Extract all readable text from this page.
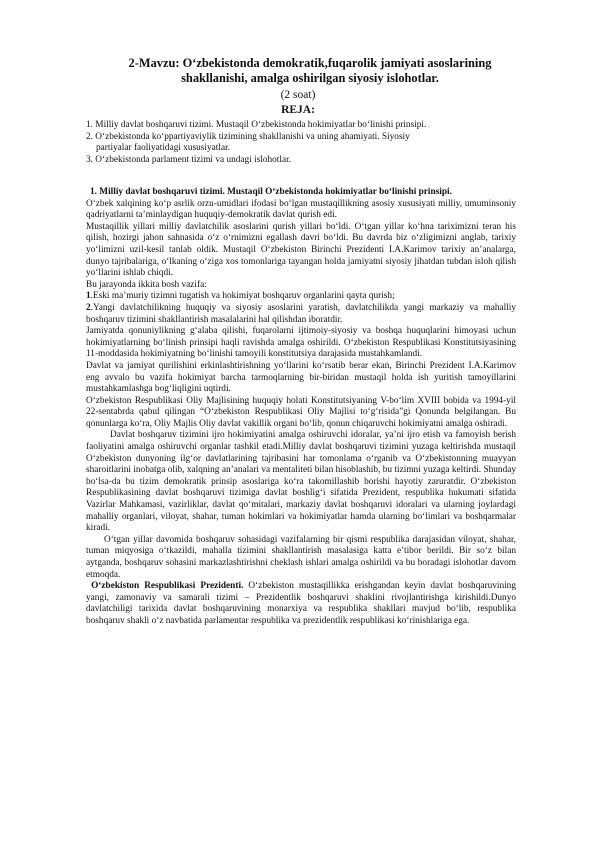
2-Mavzu: O‘zbekistonda demokratik,fuqarolik jamiyati asoslarining
shakllanishi, amalga oshirilgan siyosiy islohotlar.
(2 soat)
REJA:

1. Milliy davlat boshqaruvi tizimi. Mustaqil O‘zbekistonda hokimiyatlar bo‘linishi prinsipi.

2. O‘zbekistonda ko‘ppartiyaviylik tizimining shakllanishi va uning ahamiyati. Siyosiy

partiyalar faoliyatidagi xususiyatlar.

3. O‘zbekistonda parlament tizimi va undagi islohotlar.

1. Milliy davlat boshqaruvi tizimi. Mustaqil O‘zbekistonda hokimiyatlar bo‘linishi prinsipi.

O‘zbek xalqining ko‘p asrlik orzu-umidlari ifodasi bo‘lgan mustaqillikning asosiy xususiyati milliy, umuminsoniy qadriyatlarni ta’minlaydigan huquqiy-demokratik davlat qurish edi.

Mustaqillik yillari milliy davlatchilik asoslarini qurish yillari bo‘ldi. O‘tgan yillar ko‘hna tariximizni teran his qilish, hozirgi jahon sahnasida o‘z o‘rnimizni egallash davri bo‘ldi. Bu davrda biz o‘zligimizni anglab, tarixiy yo‘limizni uzil-kesil tanlab oldik. Mustaqil O‘zbekiston Birinchi Prezidenti I.A.Karimov tarixiy an’analarga, dunyo tajribalariga, o‘lkaning o‘ziga xos tomonlariga tayangan holda jamiyatni siyosiy jihatdan tubdan isloh qilish yo‘llarini ishlab chiqdi.

Bu jarayonda ikkita bosh vazifa:

1.Eski ma’muriy tizimni tugatish va hokimiyat boshqaruv organlarini qayta qurish;

2.Yangi davlatchilikning huquqiy va siyosiy asoslarini yaratish, davlatchilikda yangi markaziy va mahalliy boshqaruv tizimini shakllantirish masalalarini hal qilishdan iboratdir.

Jamiyatda qonuniylikning g‘alaba qilishi, fuqarolarni ijtimoiy-siyosiy va boshqa huquqlarini himoyasi uchun hokimiyatlarning bo‘linish prinsipi haqli ravishda amalga oshirildi. O‘zbekiston Respublikasi Konstitutsiyasining 11-moddasida hokimiyatning bo‘linishi tamoyili konstitutsiya darajasida mustahkamlandi.

Davlat va jamiyat qurilishini erkinlashtirishning yo‘llarini ko‘rsatib berar ekan, Birinchi Prezident I.A.Karimov eng avvalo bu vazifa hokimiyat barcha tarmoqlarning bir-biridan mustaqil holda ish yuritish tamoyillarini mustahkamlashga bog‘liqligini uqtirdi.

O‘zbekiston Respublikasi Oliy Majlisining huquqiy holati Konstitutsiyaning V-bo‘lim XVIII bobida va 1994-yil 22-sentabrda qabul qilingan “O‘zbekiston Respublikasi Oliy Majlisi to‘g‘risida”gi Qonunda belgilangan. Bu qonunlarga ko‘ra, Oliy Majlis Oliy davlat vakillik organi bo‘lib, qonun chiqaruvchi hokimiyatni amalga oshiradi.

Davlat boshqaruv tizimini ijro hokimiyatini amalga oshiruvchi idoralar, ya’ni ijro etish va famoyish berish faoliyatini amalga oshiruvchi organlar tashkil etadi.Milliy davlat boshqaruvi tizimini yuzaga keltirishda mustaqil O‘zbekiston dunyoning ilg‘or davlatlarining tajribasini har tomonlama o‘rganib va O‘zbekistonning muayyan sharoitlarini inobatga olib, xalqning an’analari va mentaliteti bilan hisoblashib, bu tizimni yuzaga keltirdi. Shunday bo‘lsa-da bu tizim demokratik prinsip asoslariga ko‘ra takomillashib borishi hayotiy zaruratdir. O‘zbekiston Respublikasining davlat boshqaruvi tizimiga davlat boshlig‘i sifatida Prezident, respublika hukumati sifatida Vazirlar Mahkamasi, vazirliklar, davlat qo‘mitalari, markaziy davlat boshqaruvi idoralari va ularning joylardagi mahalliy organlari, viloyat, shahar, tuman hokimlari va hokimiyatlar hamda ularning bo‘limlari va boshqarmalar kiradi.

O‘tgan yillar davomida boshqaruv sohasidagi vazifalarning bir qismi respublika darajasidan viloyat, shahar, tuman miqyosiga o‘tkazildi, mahalla tizimini shakllantirish masalasiga katta e’tibor berildi. Bir so‘z bilan aytganda, boshqaruv sohasini markazlashtirishni cheklash ishlari amalga oshirildi va bu boradagi islohotlar davom etmoqda.

O‘zbekiston Respublikasi Prezidenti. O‘zbekiston mustaqillikka erishgandan keyin davlat boshqaruvining yangi, zamonaviy va samarali tizimi – Prezidentlik boshqaruvi shaklini rivojlantirishga kirishildi.Dunyo davlatchiligi tarixida davlat boshqaruvining monarxiya va respublika shakllari mavjud bo‘lib, respublika boshqaruv shakli o‘z navbatida parlamentar respublika va prezidentlik respublikasi ko‘rinishlariga ega.
